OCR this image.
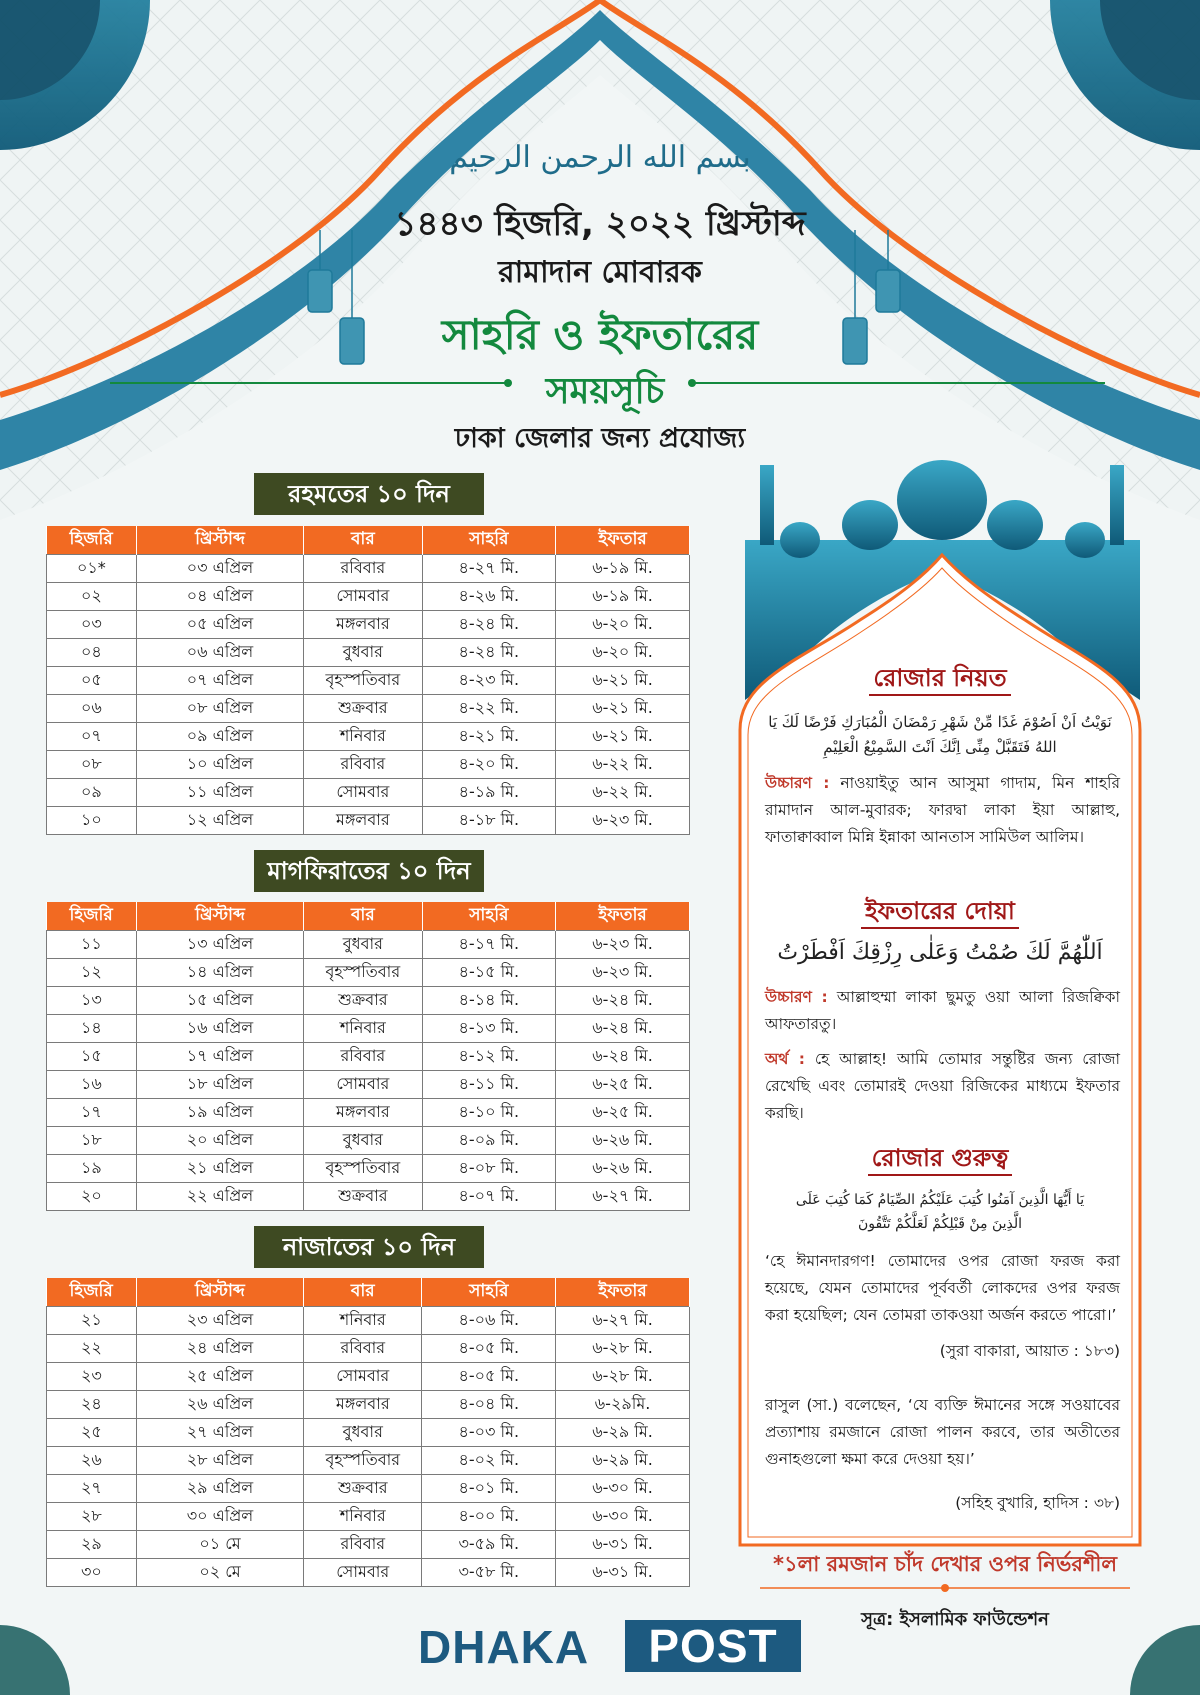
بسم الله الرحمن الرحيم
১৪৪৩ হিজরি, ২০২২ খ্রিস্টাব্দ
রামাদান মোবারক
সাহরি ও ইফতারের
সময়সূচি
ঢাকা জেলার জন্য প্রযোজ্য
রহমতের ১০ দিন
হিজরি	খ্রিস্টাব্দ	বার	সাহরি	ইফতার
০১*	০৩ এপ্রিল	রবিবার	৪-২৭ মি.	৬-১৯ মি.
০২	০৪ এপ্রিল	সোমবার	৪-২৬ মি.	৬-১৯ মি.
০৩	০৫ এপ্রিল	মঙ্গলবার	৪-২৪ মি.	৬-২০ মি.
০৪	০৬ এপ্রিল	বুধবার	৪-২৪ মি.	৬-২০ মি.
০৫	০৭ এপ্রিল	বৃহস্পতিবার	৪-২৩ মি.	৬-২১ মি.
০৬	০৮ এপ্রিল	শুক্রবার	৪-২২ মি.	৬-২১ মি.
০৭	০৯ এপ্রিল	শনিবার	৪-২১ মি.	৬-২১ মি.
০৮	১০ এপ্রিল	রবিবার	৪-২০ মি.	৬-২২ মি.
০৯	১১ এপ্রিল	সোমবার	৪-১৯ মি.	৬-২২ মি.
১০	১২ এপ্রিল	মঙ্গলবার	৪-১৮ মি.	৬-২৩ মি.
মাগফিরাতের ১০ দিন
হিজরি	খ্রিস্টাব্দ	বার	সাহরি	ইফতার
১১	১৩ এপ্রিল	বুধবার	৪-১৭ মি.	৬-২৩ মি.
১২	১৪ এপ্রিল	বৃহস্পতিবার	৪-১৫ মি.	৬-২৩ মি.
১৩	১৫ এপ্রিল	শুক্রবার	৪-১৪ মি.	৬-২৪ মি.
১৪	১৬ এপ্রিল	শনিবার	৪-১৩ মি.	৬-২৪ মি.
১৫	১৭ এপ্রিল	রবিবার	৪-১২ মি.	৬-২৪ মি.
১৬	১৮ এপ্রিল	সোমবার	৪-১১ মি.	৬-২৫ মি.
১৭	১৯ এপ্রিল	মঙ্গলবার	৪-১০ মি.	৬-২৫ মি.
১৮	২০ এপ্রিল	বুধবার	৪-০৯ মি.	৬-২৬ মি.
১৯	২১ এপ্রিল	বৃহস্পতিবার	৪-০৮ মি.	৬-২৬ মি.
২০	২২ এপ্রিল	শুক্রবার	৪-০৭ মি.	৬-২৭ মি.
নাজাতের ১০ দিন
হিজরি	খ্রিস্টাব্দ	বার	সাহরি	ইফতার
২১	২৩ এপ্রিল	শনিবার	৪-০৬ মি.	৬-২৭ মি.
২২	২৪ এপ্রিল	রবিবার	৪-০৫ মি.	৬-২৮ মি.
২৩	২৫ এপ্রিল	সোমবার	৪-০৫ মি.	৬-২৮ মি.
২৪	২৬ এপ্রিল	মঙ্গলবার	৪-০৪ মি.	৬-২৯মি.
২৫	২৭ এপ্রিল	বুধবার	৪-০৩ মি.	৬-২৯ মি.
২৬	২৮ এপ্রিল	বৃহস্পতিবার	৪-০২ মি.	৬-২৯ মি.
২৭	২৯ এপ্রিল	শুক্রবার	৪-০১ মি.	৬-৩০ মি.
২৮	৩০ এপ্রিল	শনিবার	৪-০০ মি.	৬-৩০ মি.
২৯	০১ মে	রবিবার	৩-৫৯ মি.	৬-৩১ মি.
৩০	০২ মে	সোমবার	৩-৫৮ মি.	৬-৩১ মি.
রোজার নিয়ত
نَوَيْتُ اَنْ اَصُوْمَ غَدًا مِّنْ شَهْرِ رَمْضَانَ الْمُبَارَكِ فَرْضًا لَكَ يَا
اللهُ فَتَقَبَّلْ مِنِّى اِنَّكَ اَنْتَ السَّمِيْعُ الْعَلِيْمِ
উচ্চারণ : নাওয়াইতু আন আসুমা গাদাম, মিন শাহরি রামাদান আল-মুবারক; ফারদ্বা লাকা ইয়া আল্লাহু, ফাতাক্বাব্বাল মিন্নি ইন্নাকা আনতাস সামিউল আলিম।
ইফতারের দোয়া
اَللّٰهُمَّ لَكَ صُمْتُ وَعَلٰى رِزْقِكَ اَفْطَرْتُ
উচ্চারণ : আল্লাহুম্মা লাকা ছুমতু ওয়া আলা রিজক্বিকা আফতারতু।
অর্থ : হে আল্লাহ! আমি তোমার সন্তুষ্টির জন্য রোজা রেখেছি এবং তোমারই দেওয়া রিজিকের মাধ্যমে ইফতার করছি।
রোজার গুরুত্ব
يَا أَيُّهَا الَّذِينَ آمَنُوا كُتِبَ عَلَيْكُمُ الصِّيَامُ كَمَا كُتِبَ عَلَى
الَّذِينَ مِنْ قَبْلِكُمْ لَعَلَّكُمْ تَتَّقُونَ
‘হে ঈমানদারগণ! তোমাদের ওপর রোজা ফরজ করা হয়েছে, যেমন তোমাদের পূর্ববর্তী লোকদের ওপর ফরজ করা হয়েছিল; যেন তোমরা তাকওয়া অর্জন করতে পারো।’
(সুরা বাকারা, আয়াত : ১৮৩)
রাসুল (সা.) বলেছেন, ‘যে ব্যক্তি ঈমানের সঙ্গে সওয়াবের প্রত্যাশায় রমজানে রোজা পালন করবে, তার অতীতের গুনাহগুলো ক্ষমা করে দেওয়া হয়।’
(সহিহ বুখারি, হাদিস : ৩৮)
*১লা রমজান চাঁদ দেখার ওপর নির্ভরশীল
সূত্র: ইসলামিক ফাউন্ডেশন
DHAKA	POST
